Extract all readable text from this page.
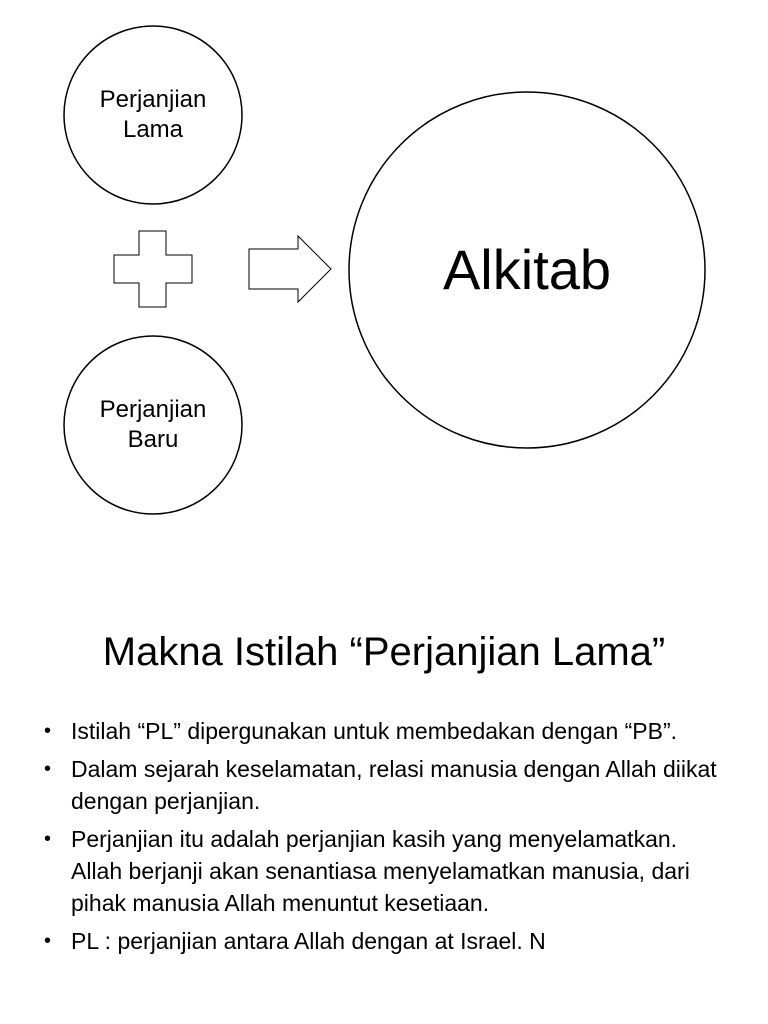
Perjanjian
Lama
Perjanjian
Baru
Alkitab
Makna Istilah “Perjanjian Lama”
• Istilah “PL” dipergunakan untuk membedakan dengan “PB”.
• Dalam sejarah keselamatan, relasi manusia dengan Allah diikat dengan perjanjian.
• Perjanjian itu adalah perjanjian kasih yang menyelamatkan. Allah berjanji akan senantiasa menyelamatkan manusia, dari pihak manusia Allah menuntut kesetiaan.
• PL : perjanjian antara Allah dengan at Israel. N
